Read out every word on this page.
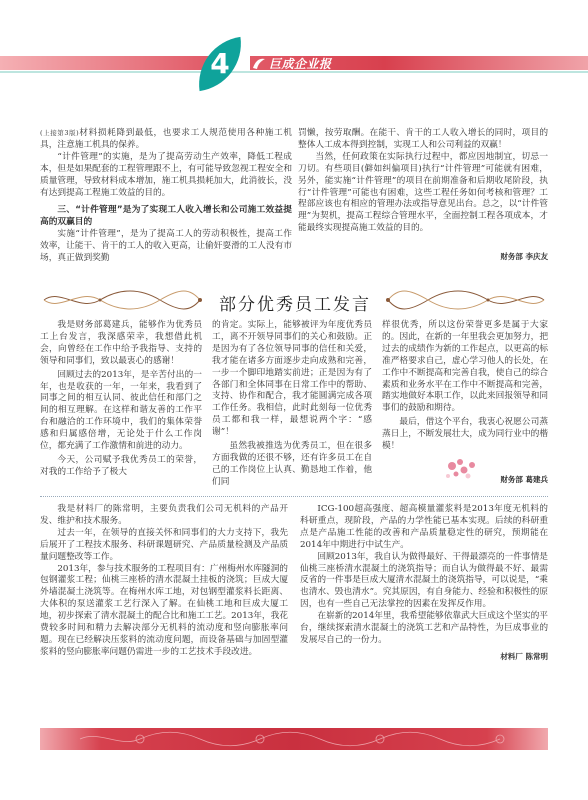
4	巨成企业报

(上接第3版)材料损耗降到最低，也要求工人规范使用各种施工机具，注意施工机具的保养。

“计件管理”的实施，是为了提高劳动生产效率，降低工程成本，但是如果配套的工程管理跟不上，有可能导致忽视工程安全和质量管理，导致材料成本增加，施工机具损耗加大，此消彼长，没有达到提高工程施工效益的目的。

三、“计件管理”是为了实现工人收入增长和公司施工效益提高的双赢目的

实施“计件管理”，是为了提高工人的劳动积极性，提高工作效率，让能干、肯干的工人的收入更高，让偷奸耍滑的工人没有市场，真正做到奖勤

罚懒，按劳取酬。在能干、肯干的工人收入增长的同时，项目的整体人工成本得到控制，实现工人和公司利益的双赢！

当然，任何政策在实际执行过程中，都应因地制宜，切忌一刀切。有些项目(僻如纠偏项目)执行“计件管理”可能就有困难，另外，能实施“计件管理”的项目在前期准备和后期收尾阶段，执行“计件管理”可能也有困难，这些工程任务如何考核和管理？工程部应该也有相应的管理办法或指导意见出台。总之，以“计件管理”为契机，提高工程综合管理水平，全面控制工程各项成本，才能最终实现提高施工效益的目的。

财务部 李庆友

部分优秀员工发言

我是财务部葛建兵，能够作为优秀员工上台发言，我深感荣幸，我想借此机会，向曾经在工作中给予我指导、支持的领导和同事们，致以最衷心的感谢！

回顾过去的2013年，是辛苦付出的一年，也是收获的一年，一年来，我看到了同事之间的相互认同、彼此信任和部门之间的相互理解。在这样和谐友善的工作平台和融洽的工作环境中，我们的集体荣誉感和归属感倍增，无论处于什么工作岗位，都充满了工作激情和前进的动力。

今天，公司赋予我优秀员工的荣誉，对我的工作给予了极大

的肯定。实际上，能够被评为年度优秀员工，离不开领导同事们的关心和鼓励。正是因为有了各位领导同事的信任和关爱，我才能在诸多方面逐步走向成熟和完善，一步一个脚印地踏实前进；正是因为有了各部门和全体同事在日常工作中的帮助、支持、协作和配合，我才能圆满完成各项工作任务。我相信，此时此刻每一位优秀员工都和我一样，最想说两个字：“感谢”！

虽然我被推选为优秀员工，但在很多方面我做的还很不够，还有许多员工在自己的工作岗位上认真、勤恳地工作着，他们同

样很优秀，所以这份荣誉更多是属于大家的。因此，在新的一年里我会更加努力，把过去的成绩作为新的工作起点，以更高的标准严格要求自己，虚心学习他人的长处，在工作中不断提高和完善自我，使自己的综合素质和业务水平在工作中不断提高和完善，踏实地做好本职工作，以此来回报领导和同事们的鼓励和期待。

最后，借这个平台，我衷心祝愿公司蒸蒸日上，不断发展壮大，成为同行业中的楷模！

财务部 葛建兵

我是材料厂的陈常明，主要负责我们公司无机料的产品开发、维护和技术服务。

过去一年，在领导的直接关怀和同事们的大力支持下，我先后展开了工程技术服务、科研课题研究、产品质量检测及产品质量问题整改等工作。

2013年，参与技术服务的工程项目有：广州梅州水库隧洞的包钢灌浆工程；仙桃三座桥的清水混凝土挂板的浇筑；巨成大厦外墙混凝土浇筑等。在梅州水库工地，对包钢型灌浆料长距离、大体积的泵送灌浆工艺行深入了解。在仙桃工地和巨成大厦工地，初步探索了清水混凝土的配合比和施工工艺。2013年，我花费较多时间和精力去解决部分无机料的流动度和竖向膨胀率问题。现在已经解决压浆料的流动度问题，而设备基础与加固型灌浆料的竖向膨胀率问题仍需进一步的工艺技术手段改进。

ICG-100超高强度、超高模量灌浆料是2013年度无机料的科研重点，现阶段，产品的力学性能已基本实现。后续的科研重点是产品施工性能的改善和产品质量稳定性的研究，预期能在2014年中期进行中试生产。

回顾2013年，我自认为做得最好、干得最漂亮的一件事情是仙桃三座桥清水混凝土的浇筑指导；而自认为做得最不好、最需反省的一件事是巨成大厦清水混凝土的浇筑指导，可以说是，“乘也清水、毁也清水”。究其原因，有自身能力、经验和积极性的原因，也有一些自己无法掌控的因素在发挥反作用。

在崭新的2014年里，我希望能够依靠武大巨成这个坚实的平台，继续探索清水混凝土的浇筑工艺和产品特性，为巨成事业的发展尽自己的一份力。

材料厂 陈常明
